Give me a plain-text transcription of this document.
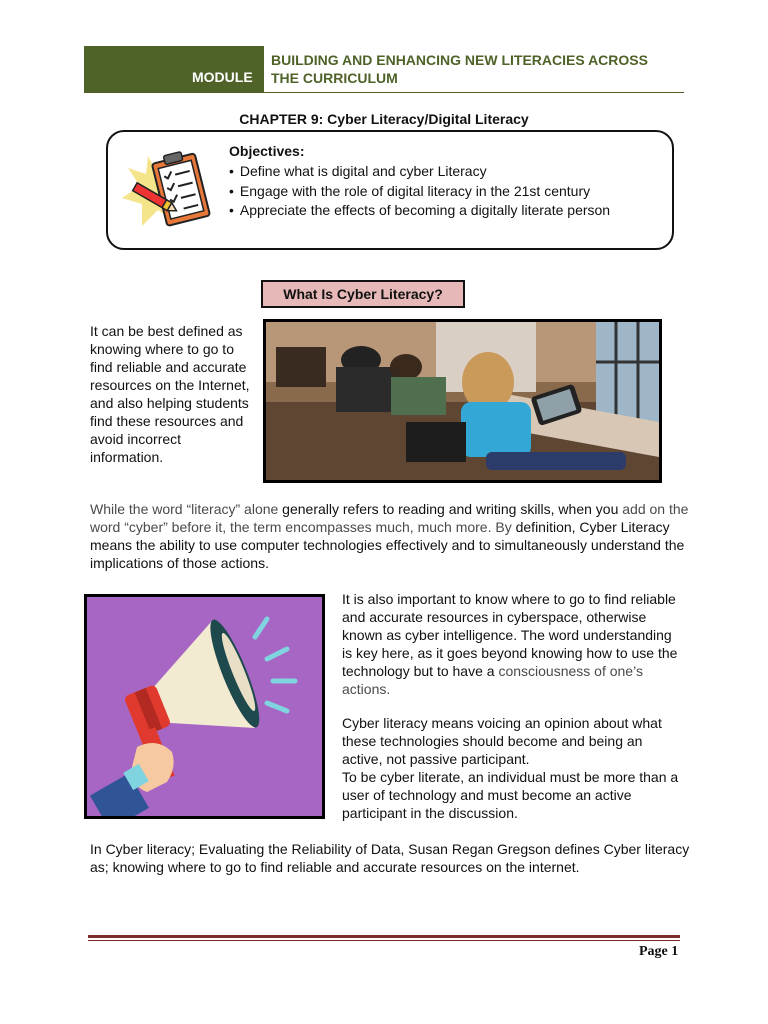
MODULE
BUILDING AND ENHANCING NEW LITERACIES ACROSS
THE CURRICULUM
CHAPTER 9: Cyber Literacy/Digital Literacy
Objectives:
• Define what is digital and cyber Literacy
• Engage with the role of digital literacy in the 21st century
• Appreciate the effects of becoming a digitally literate person
What Is Cyber Literacy?
It can be best defined as knowing where to go to find reliable and accurate resources on the Internet, and also helping students find these resources and avoid incorrect information.
While the word “literacy” alone generally refers to reading and writing skills, when you add on the word “cyber” before it, the term encompasses much, much more. By definition, Cyber Literacy means the ability to use computer technologies effectively and to simultaneously understand the implications of those actions.
It is also important to know where to go to find reliable and accurate resources in cyberspace, otherwise known as cyber intelligence. The word understanding is key here, as it goes beyond knowing how to use the technology but to have a consciousness of one’s actions.
Cyber literacy means voicing an opinion about what these technologies should become and being an active, not passive participant.
To be cyber literate, an individual must be more than a user of technology and must become an active participant in the discussion.
In Cyber literacy; Evaluating the Reliability of Data, Susan Regan Gregson defines Cyber literacy as; knowing where to go to find reliable and accurate resources on the internet.
Page 1
